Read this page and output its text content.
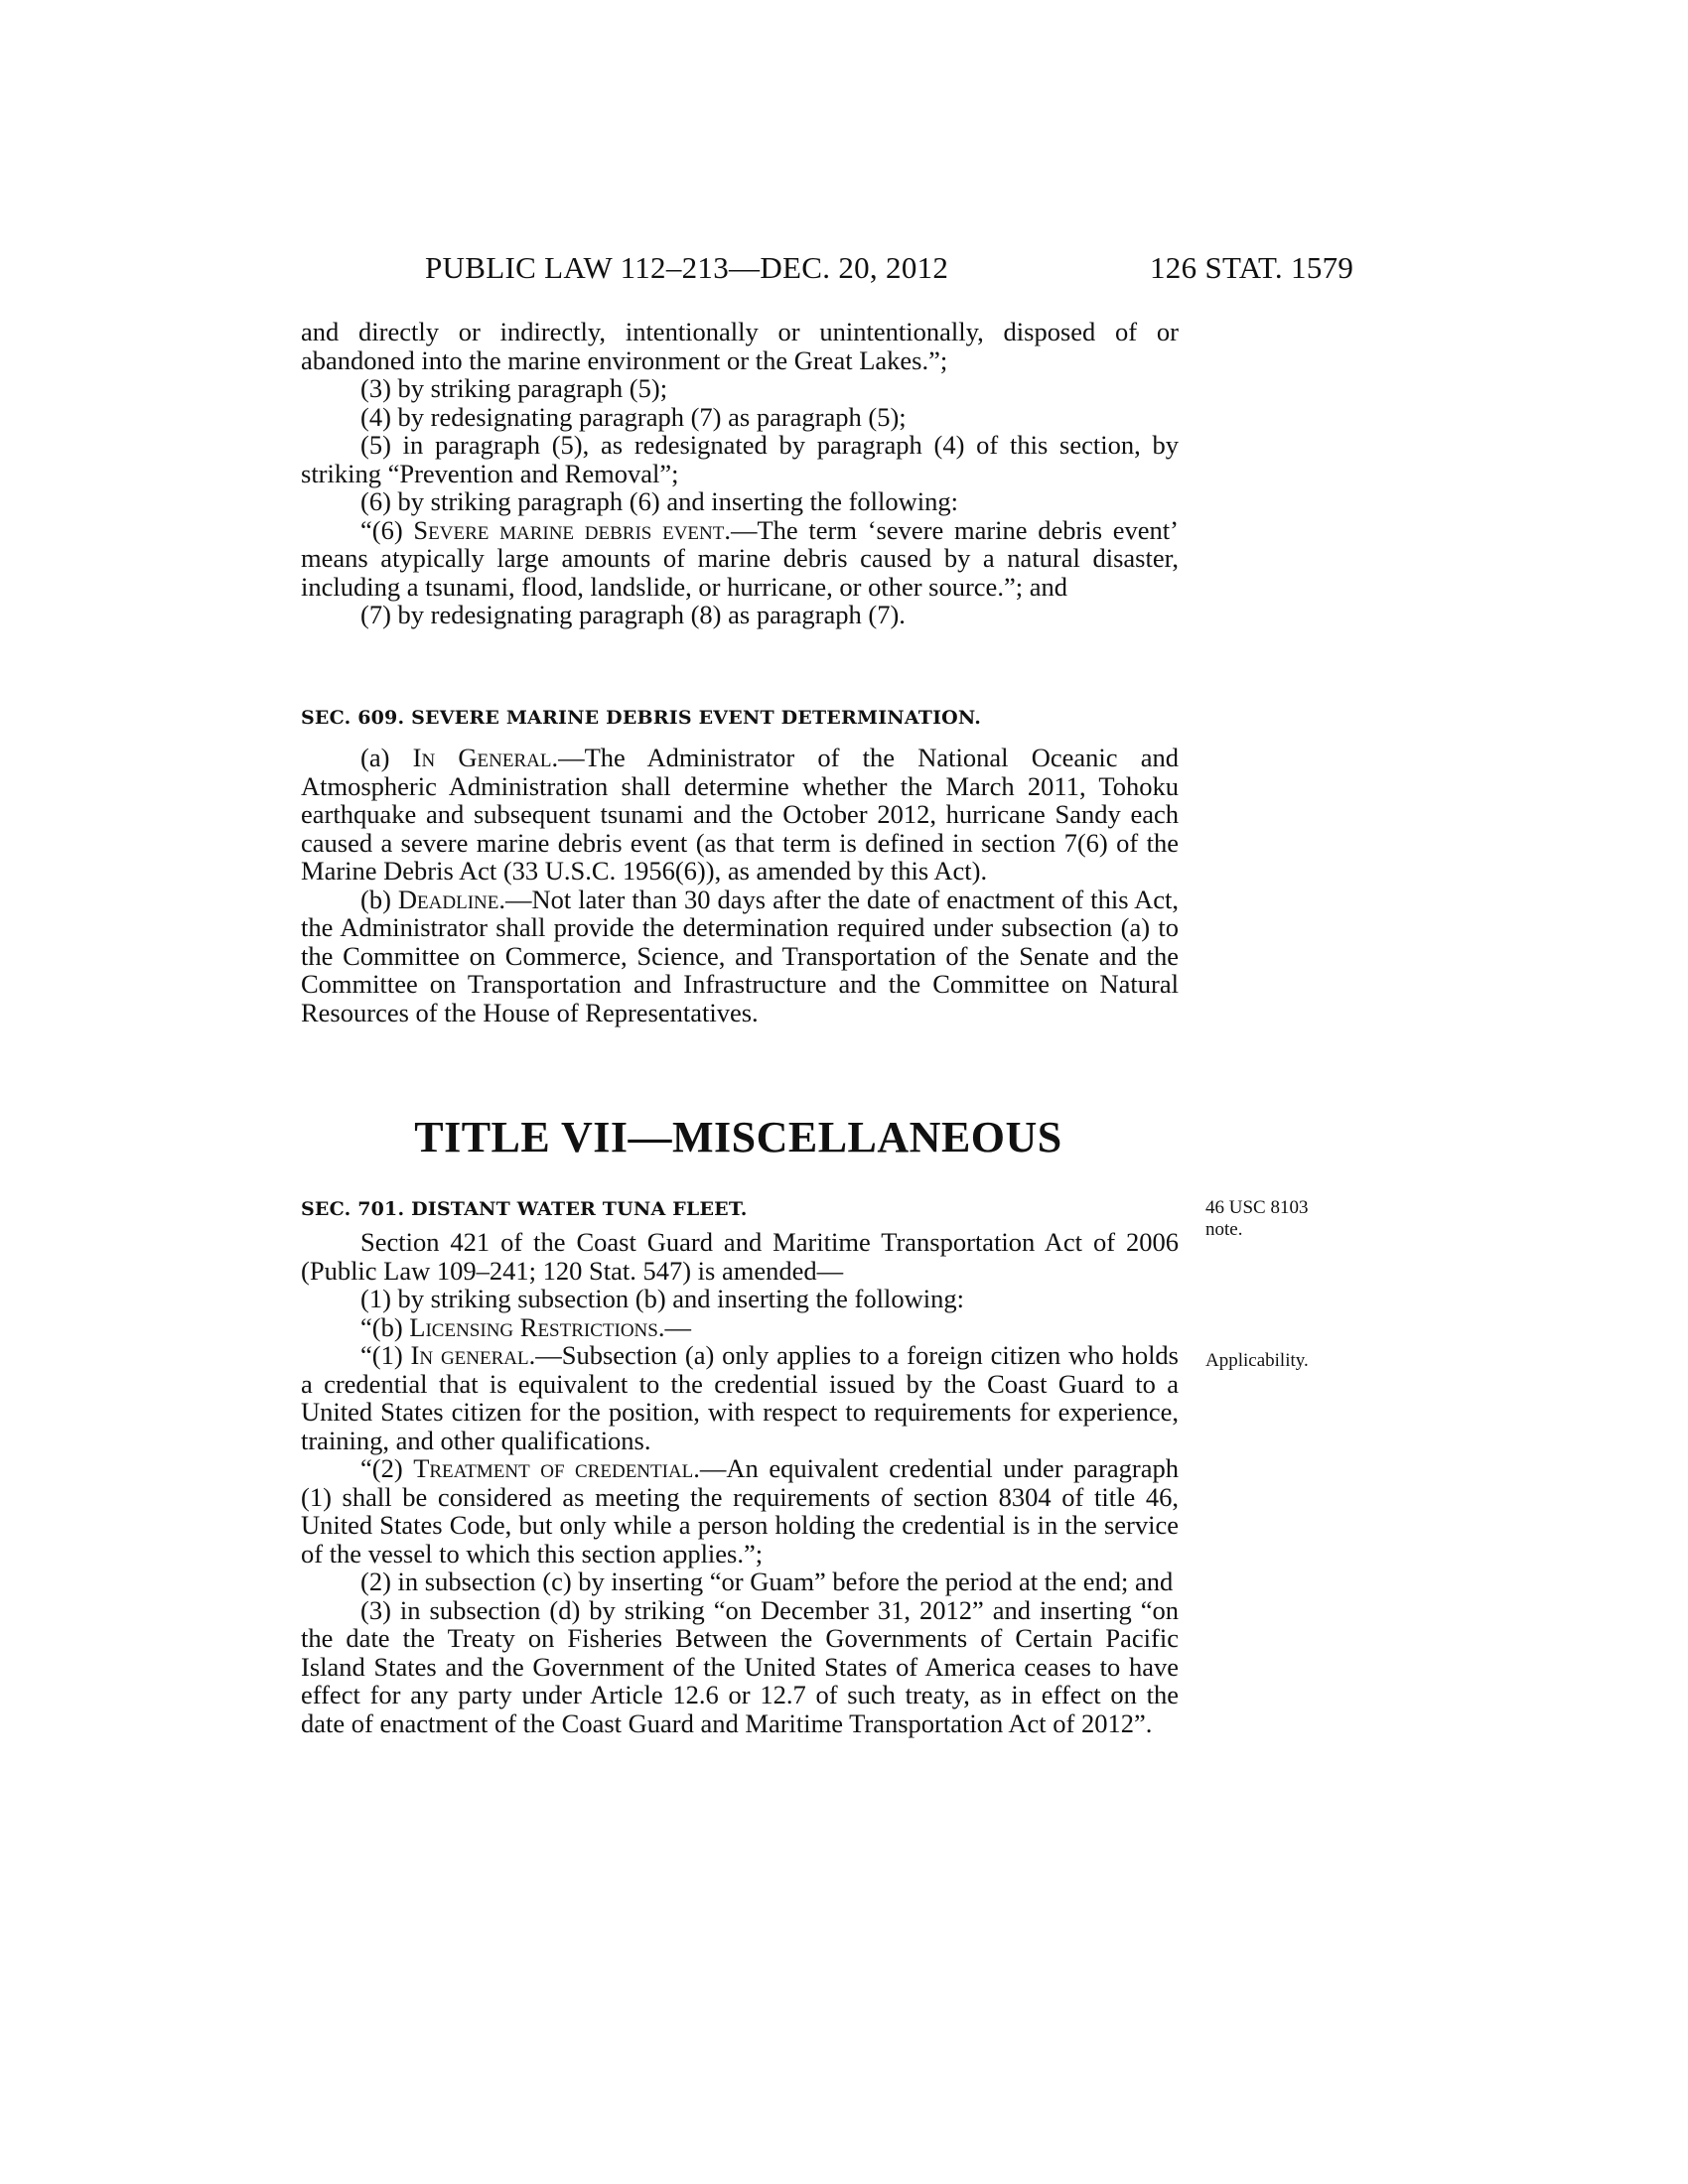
PUBLIC LAW 112–213—DEC. 20, 2012	126 STAT. 1579

and directly or indirectly, intentionally or unintentionally, disposed of or abandoned into the marine environment or the Great Lakes.”;

(3) by striking paragraph (5);

(4) by redesignating paragraph (7) as paragraph (5);

(5) in paragraph (5), as redesignated by paragraph (4) of this section, by striking “Prevention and Removal”;

(6) by striking paragraph (6) and inserting the following:

“(6) Severe marine debris event.—The term ‘severe marine debris event’ means atypically large amounts of marine debris caused by a natural disaster, including a tsunami, flood, landslide, or hurricane, or other source.”; and

(7) by redesignating paragraph (8) as paragraph (7).

SEC. 609. SEVERE MARINE DEBRIS EVENT DETERMINATION.

(a) In General.—The Administrator of the National Oceanic and Atmospheric Administration shall determine whether the March 2011, Tohoku earthquake and subsequent tsunami and the October 2012, hurricane Sandy each caused a severe marine debris event (as that term is defined in section 7(6) of the Marine Debris Act (33 U.S.C. 1956(6)), as amended by this Act).

(b) Deadline.—Not later than 30 days after the date of enactment of this Act, the Administrator shall provide the determination required under subsection (a) to the Committee on Commerce, Science, and Transportation of the Senate and the Committee on Transportation and Infrastructure and the Committee on Natural Resources of the House of Representatives.

TITLE VII—MISCELLANEOUS
SEC. 701. DISTANT WATER TUNA FLEET.	46 USC 8103
note.
Applicability.

Section 421 of the Coast Guard and Maritime Transportation Act of 2006 (Public Law 109–241; 120 Stat. 547) is amended—

(1) by striking subsection (b) and inserting the following:

“(b) Licensing Restrictions.—

“(1) In general.—Subsection (a) only applies to a foreign citizen who holds a credential that is equivalent to the credential issued by the Coast Guard to a United States citizen for the position, with respect to requirements for experience, training, and other qualifications.

“(2) Treatment of credential.—An equivalent credential under paragraph (1) shall be considered as meeting the requirements of section 8304 of title 46, United States Code, but only while a person holding the credential is in the service of the vessel to which this section applies.”;

(2) in subsection (c) by inserting “or Guam” before the period at the end; and

(3) in subsection (d) by striking “on December 31, 2012” and inserting “on the date the Treaty on Fisheries Between the Governments of Certain Pacific Island States and the Government of the United States of America ceases to have effect for any party under Article 12.6 or 12.7 of such treaty, as in effect on the date of enactment of the Coast Guard and Maritime Transportation Act of 2012”.
